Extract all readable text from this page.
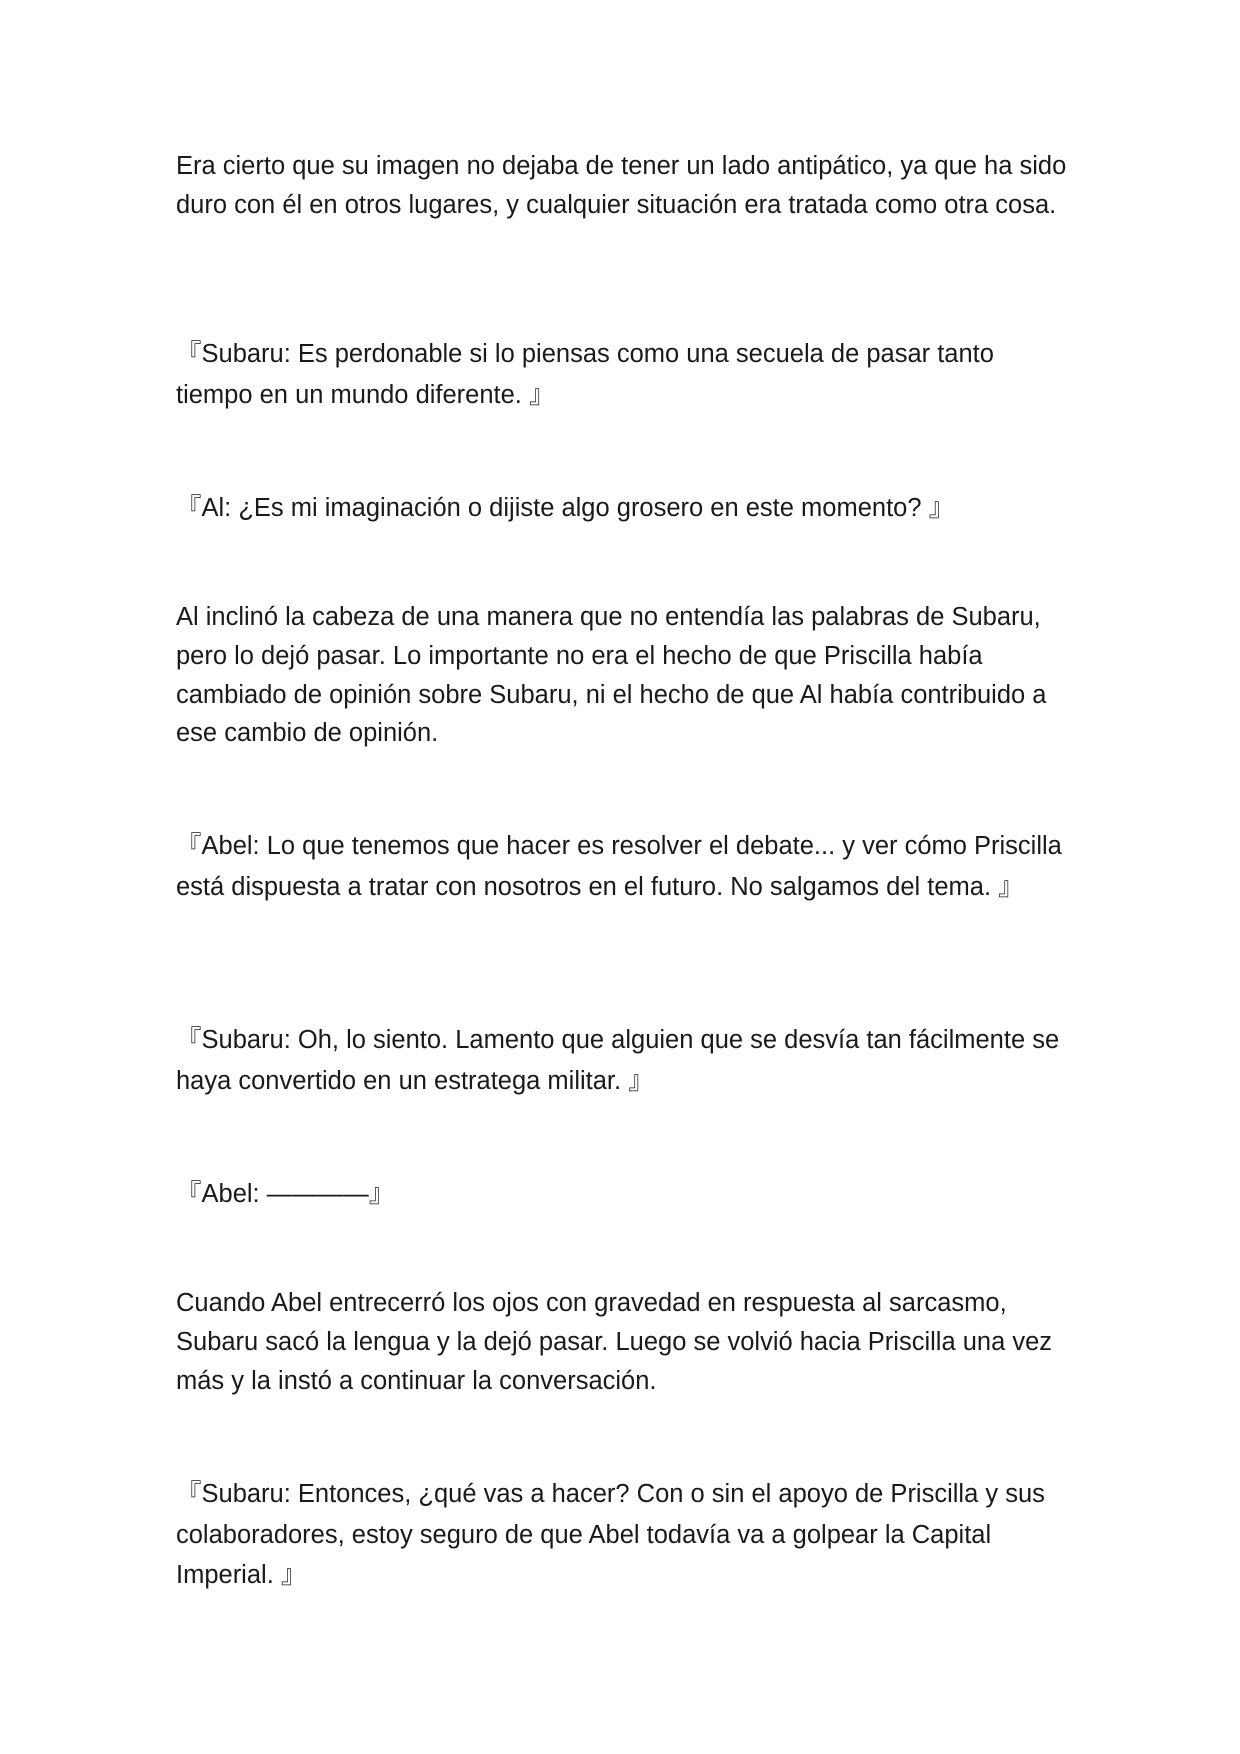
Era cierto que su imagen no dejaba de tener un lado antipático, ya que ha sido duro con él en otros lugares, y cualquier situación era tratada como otra cosa.

『Subaru: Es perdonable si lo piensas como una secuela de pasar tanto tiempo en un mundo diferente. 』

『Al: ¿Es mi imaginación o dijiste algo grosero en este momento? 』

Al inclinó la cabeza de una manera que no entendía las palabras de Subaru, pero lo dejó pasar. Lo importante no era el hecho de que Priscilla había cambiado de opinión sobre Subaru, ni el hecho de que Al había contribuido a ese cambio de opinión.

『Abel: Lo que tenemos que hacer es resolver el debate... y ver cómo Priscilla está dispuesta a tratar con nosotros en el futuro. No salgamos del tema. 』

『Subaru: Oh, lo siento. Lamento que alguien que se desvía tan fácilmente se haya convertido en un estratega militar. 』

『Abel: ————』

Cuando Abel entrecerró los ojos con gravedad en respuesta al sarcasmo, Subaru sacó la lengua y la dejó pasar. Luego se volvió hacia Priscilla una vez más y la instó a continuar la conversación.

『Subaru: Entonces, ¿qué vas a hacer? Con o sin el apoyo de Priscilla y sus colaboradores, estoy seguro de que Abel todavía va a golpear la Capital Imperial. 』
